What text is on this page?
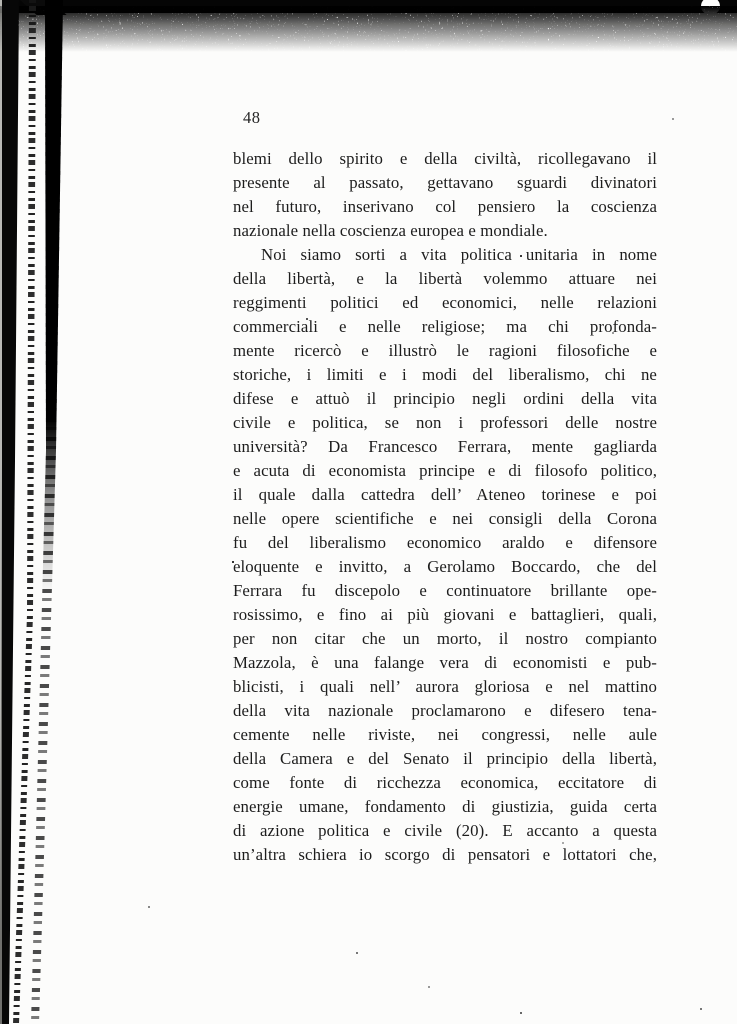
48
blemi dello spirito e della civiltà, ricollegavano il
presente al passato, gettavano sguardi divinatori
nel futuro, inserivano col pensiero la coscienza
nazionale nella coscienza europea e mondiale.
Noi siamo sorti a vita politica unitaria in nome
della libertà, e la libertà volemmo attuare nei
reggimenti politici ed economici, nelle relazioni
commerciali e nelle religiose; ma chi profonda-
mente ricercò e illustrò le ragioni filosofiche e
storiche, i limiti e i modi del liberalismo, chi ne
difese e attuò il principio negli ordini della vita
civile e politica, se non i professori delle nostre
università? Da Francesco Ferrara, mente gagliarda
e acuta di economista principe e di filosofo politico,
il quale dalla cattedra dell’ Ateneo torinese e poi
nelle opere scientifiche e nei consigli della Corona
fu del liberalismo economico araldo e difensore
eloquente e invitto, a Gerolamo Boccardo, che del
Ferrara fu discepolo e continuatore brillante ope-
rosissimo, e fino ai più giovani e battaglieri, quali,
per non citar che un morto, il nostro compianto
Mazzola, è una falange vera di economisti e pub-
blicisti, i quali nell’ aurora gloriosa e nel mattino
della vita nazionale proclamarono e difesero tena-
cemente nelle riviste, nei congressi, nelle aule
della Camera e del Senato il principio della libertà,
come fonte di ricchezza economica, eccitatore di
energie umane, fondamento di giustizia, guida certa
di azione politica e civile (20). E accanto a questa
un’altra schiera io scorgo di pensatori e lottatori che,
